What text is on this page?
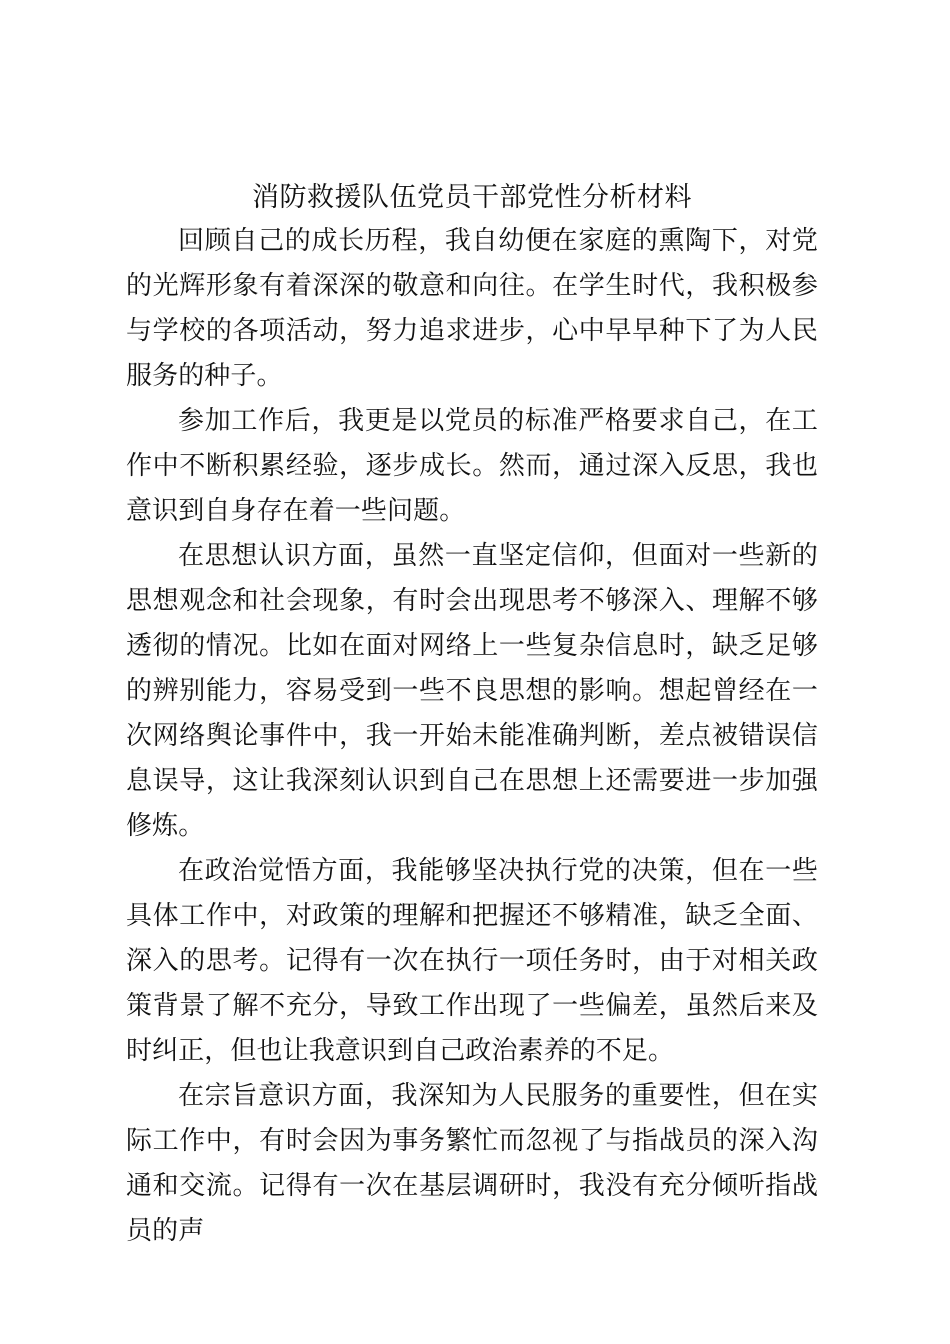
消防救援队伍党员干部党性分析材料

回顾自己的成长历程，我自幼便在家庭的熏陶下，对党的光辉形象有着深深的敬意和向往。在学生时代，我积极参与学校的各项活动，努力追求进步，心中早早种下了为人民服务的种子。

参加工作后，我更是以党员的标准严格要求自己，在工作中不断积累经验，逐步成长。然而，通过深入反思，我也意识到自身存在着一些问题。

在思想认识方面，虽然一直坚定信仰，但面对一些新的思想观念和社会现象，有时会出现思考不够深入、理解不够透彻的情况。比如在面对网络上一些复杂信息时，缺乏足够的辨别能力，容易受到一些不良思想的影响。想起曾经在一次网络舆论事件中，我一开始未能准确判断，差点被错误信息误导，这让我深刻认识到自己在思想上还需要进一步加强修炼。

在政治觉悟方面，我能够坚决执行党的决策，但在一些具体工作中，对政策的理解和把握还不够精准，缺乏全面、深入的思考。记得有一次在执行一项任务时，由于对相关政策背景了解不充分，导致工作出现了一些偏差，虽然后来及时纠正，但也让我意识到自己政治素养的不足。

在宗旨意识方面，我深知为人民服务的重要性，但在实际工作中，有时会因为事务繁忙而忽视了与指战员的深入沟通和交流。记得有一次在基层调研时，我没有充分倾听指战员的声
